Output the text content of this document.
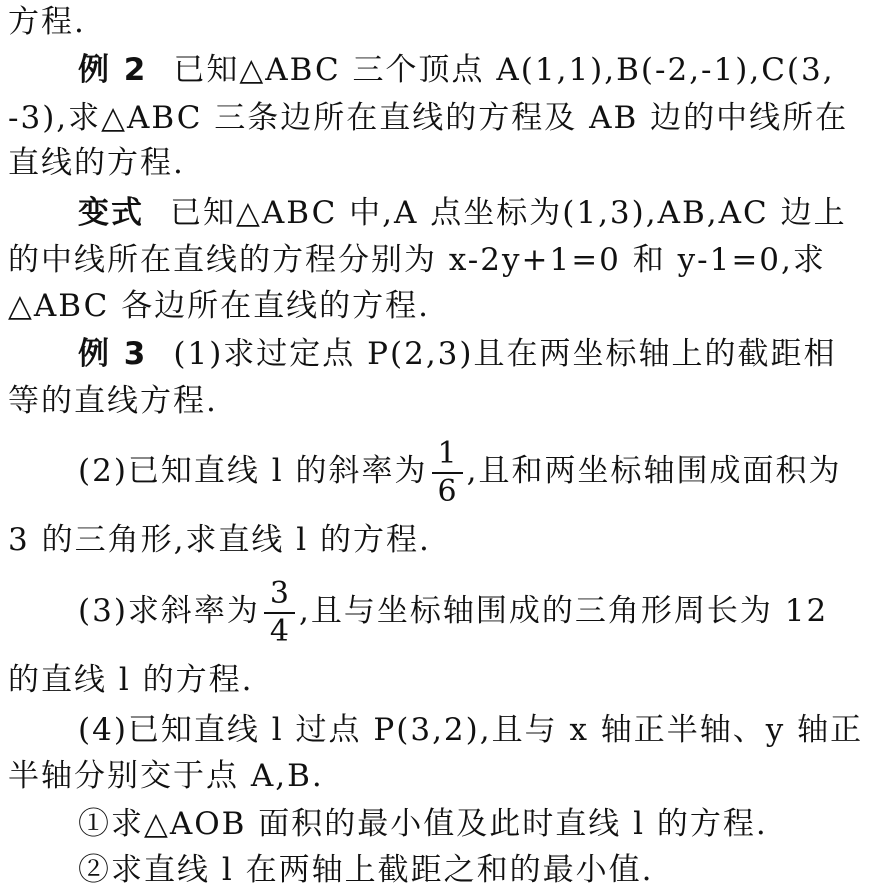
方程.
例 2 已知△ABC 三个顶点 A(1,1),B(-2,-1),C(3,
-3),求△ABC 三条边所在直线的方程及 AB 边的中线所在
直线的方程.
变式 已知△ABC 中,A 点坐标为(1,3),AB,AC 边上
的中线所在直线的方程分别为 x-2y+1=0 和 y-1=0,求
△ABC 各边所在直线的方程.
例 3 (1)求过定点 P(2,3)且在两坐标轴上的截距相
等的直线方程.
(2)已知直线 l 的斜率为 $\frac{1}{6}$ ,且和两坐标轴围成面积为
3 的三角形,求直线 l 的方程.
(3)求斜率为 $\frac{3}{4}$ ,且与坐标轴围成的三角形周长为 12
的直线 l 的方程.
(4)已知直线 l 过点 P(3,2),且与 x 轴正半轴、y 轴正
半轴分别交于点 A,B.
①求△AOB 面积的最小值及此时直线 l 的方程.
②求直线 l 在两轴上截距之和的最小值.
